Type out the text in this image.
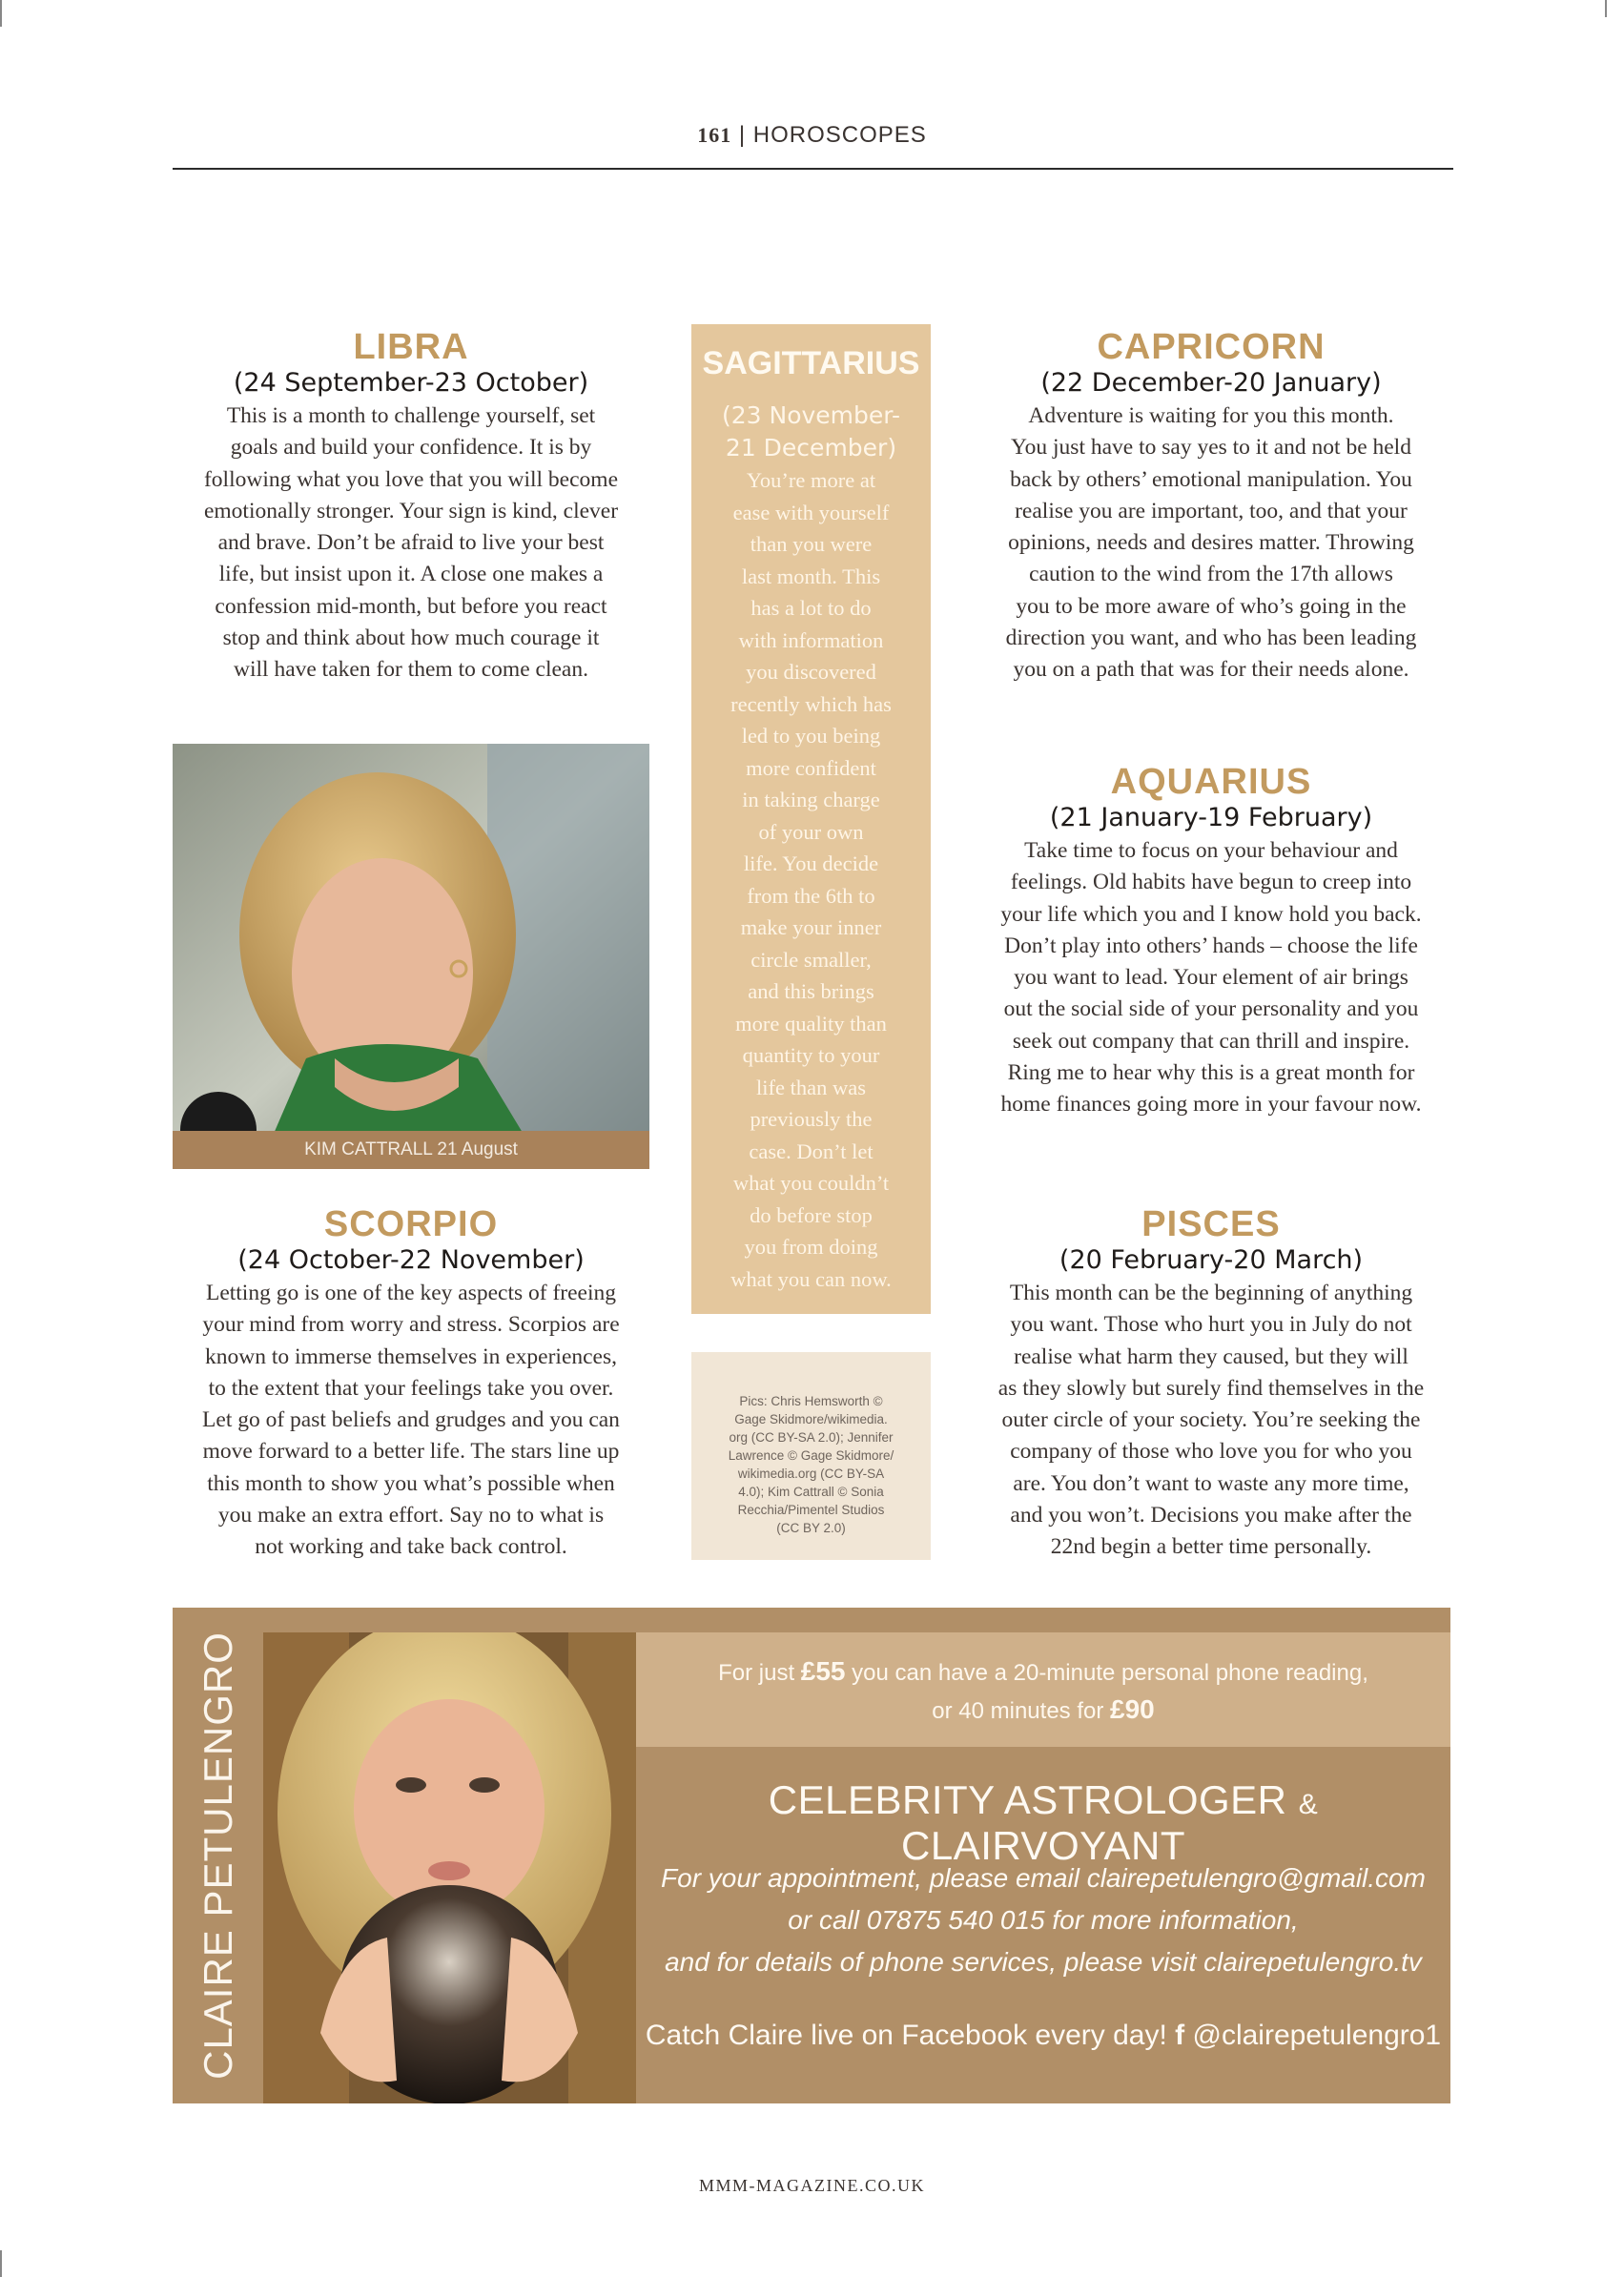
161 | HOROSCOPES
LIBRA
(24 September-23 October)
This is a month to challenge yourself, set
goals and build your confidence. It is by
following what you love that you will become
emotionally stronger. Your sign is kind, clever
and brave. Don’t be afraid to live your best
life, but insist upon it. A close one makes a
confession mid-month, but before you react
stop and think about how much courage it
will have taken for them to come clean.
SAGITTARIUS
(23 November-
21 December)
You’re more at
ease with yourself
than you were
last month. This
has a lot to do
with information
you discovered
recently which has
led to you being
more confident
in taking charge
of your own
life. You decide
from the 6th to
make your inner
circle smaller,
and this brings
more quality than
quantity to your
life than was
previously the
case. Don’t let
what you couldn’t
do before stop
you from doing
what you can now.
CAPRICORN
(22 December-20 January)
Adventure is waiting for you this month.
You just have to say yes to it and not be held
back by others’ emotional manipulation. You
realise you are important, too, and that your
opinions, needs and desires matter. Throwing
caution to the wind from the 17th allows
you to be more aware of who’s going in the
direction you want, and who has been leading
you on a path that was for their needs alone.
AQUARIUS
(21 January-19 February)
Take time to focus on your behaviour and
feelings. Old habits have begun to creep into
your life which you and I know hold you back.
Don’t play into others’ hands – choose the life
you want to lead. Your element of air brings
out the social side of your personality and you
seek out company that can thrill and inspire.
Ring me to hear why this is a great month for
home finances going more in your favour now.
KIM CATTRALL 21 August
SCORPIO
(24 October-22 November)
Letting go is one of the key aspects of freeing
your mind from worry and stress. Scorpios are
known to immerse themselves in experiences,
to the extent that your feelings take you over.
Let go of past beliefs and grudges and you can
move forward to a better life. The stars line up
this month to show you what’s possible when
you make an extra effort. Say no to what is
not working and take back control.
Pics: Chris Hemsworth ©
Gage Skidmore/wikimedia.
org (CC BY-SA 2.0); Jennifer
Lawrence © Gage Skidmore/
wikimedia.org (CC BY-SA
4.0); Kim Cattrall © Sonia
Recchia/Pimentel Studios
(CC BY 2.0)
PISCES
(20 February-20 March)
This month can be the beginning of anything
you want. Those who hurt you in July do not
realise what harm they caused, but they will
as they slowly but surely find themselves in the
outer circle of your society. You’re seeking the
company of those who love you for who you
are. You don’t want to waste any more time,
and you won’t. Decisions you make after the
22nd begin a better time personally.
CLAIRE PETULENGRO	For just £55 you can have a 20-minute personal phone reading,
or 40 minutes for £90
CELEBRITY ASTROLOGER & CLAIRVOYANT
For your appointment, please email clairepetulengro@gmail.com
or call 07875 540 015 for more information,
and for details of phone services, please visit clairepetulengro.tv
Catch Claire live on Facebook every day! f @clairepetulengro1
MMM-MAGAZINE.CO.UK
